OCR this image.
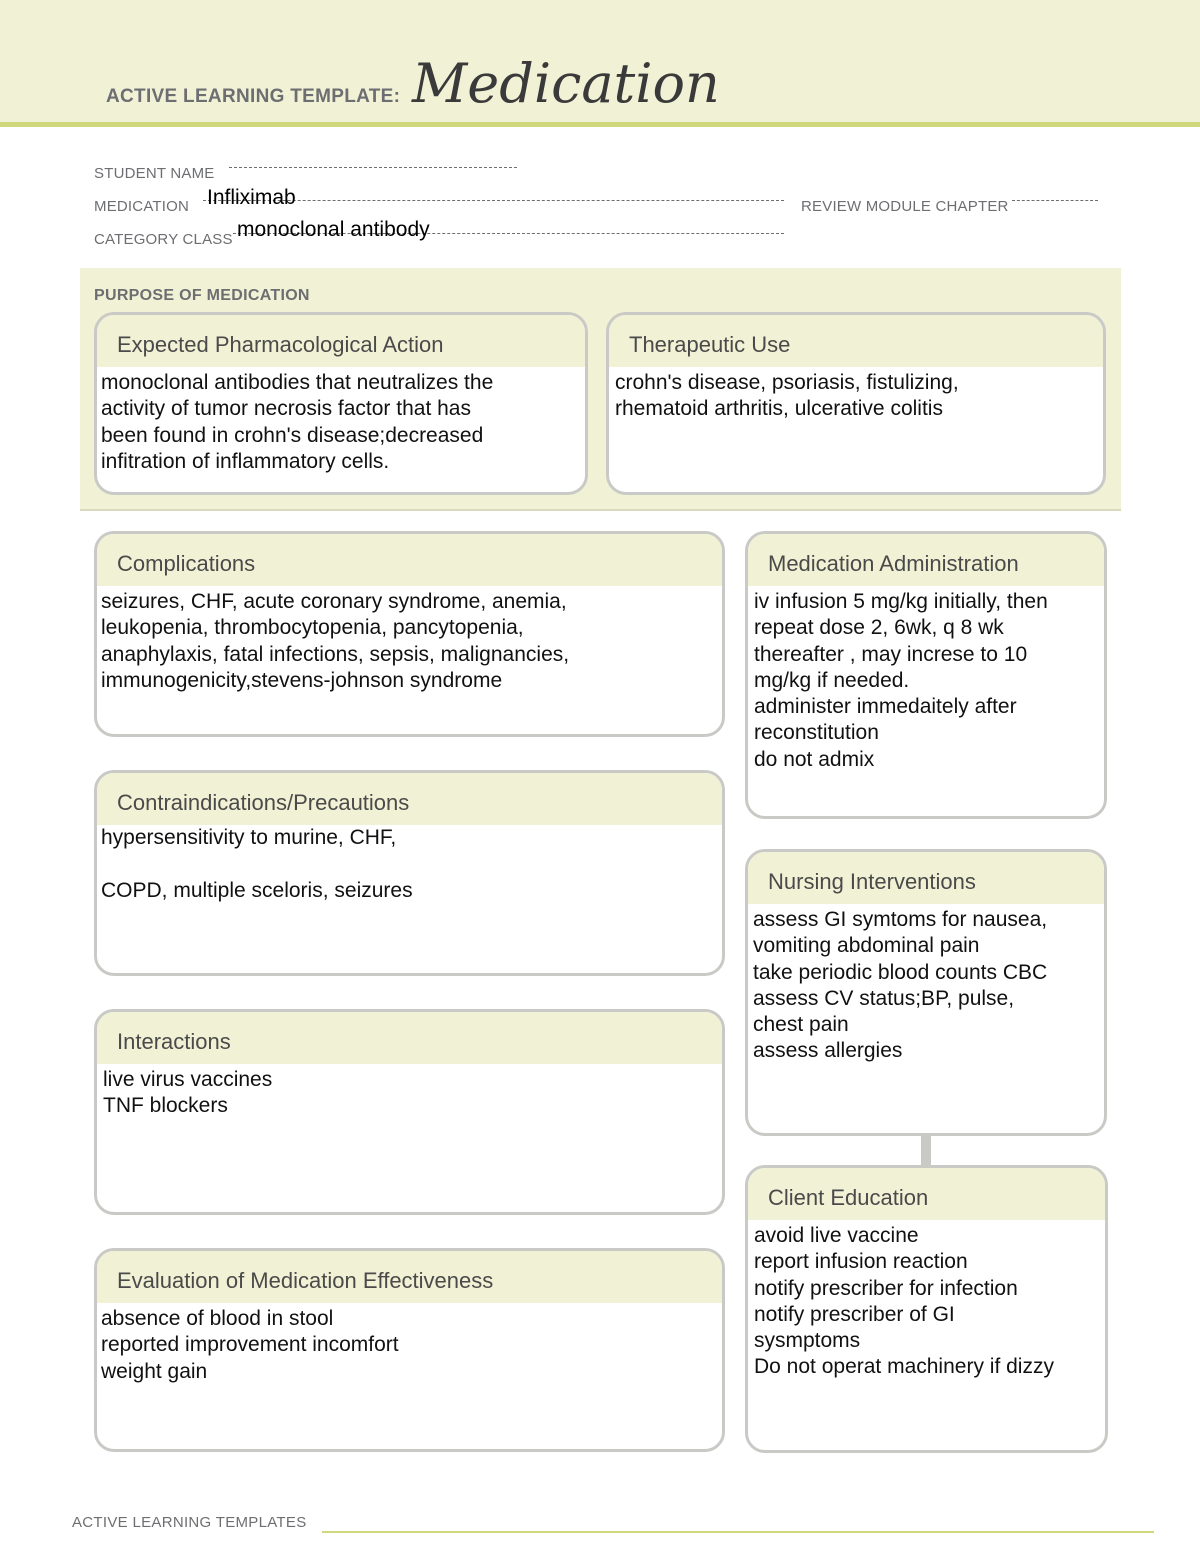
ACTIVE LEARNING TEMPLATE: Medication
STUDENT NAME
MEDICATION Infliximab	REVIEW MODULE CHAPTER
CATEGORY CLASS monoclonal antibody
PURPOSE OF MEDICATION
Expected Pharmacological Action
monoclonal antibodies that neutralizes the
activity of tumor necrosis factor that has
been found in crohn's disease;decreased
infitration of inflammatory cells.
Therapeutic Use
crohn's disease, psoriasis, fistulizing,
rhematoid arthritis, ulcerative colitis
Complications
seizures, CHF, acute coronary syndrome, anemia,
leukopenia, thrombocytopenia, pancytopenia,
anaphylaxis, fatal infections, sepsis, malignancies,
immunogenicity,stevens-johnson syndrome
Contraindications/Precautions
hypersensitivity to murine, CHF,

COPD, multiple sceloris, seizures
Interactions
live virus vaccines
TNF blockers
Evaluation of Medication Effectiveness
absence of blood in stool
reported improvement incomfort
weight gain
Medication Administration
iv infusion 5 mg/kg initially, then
repeat dose 2, 6wk, q 8 wk
thereafter , may increse to 10
mg/kg if needed.
administer immedaitely after
reconstitution
do not admix
Nursing Interventions
assess GI symtoms for nausea,
vomiting abdominal pain
take periodic blood counts CBC
assess CV status;BP, pulse,
chest pain
assess allergies
Client Education
avoid live vaccine
report infusion reaction
notify prescriber for infection
notify prescriber of GI
sysmptoms
Do not operat machinery if dizzy
ACTIVE LEARNING TEMPLATES
